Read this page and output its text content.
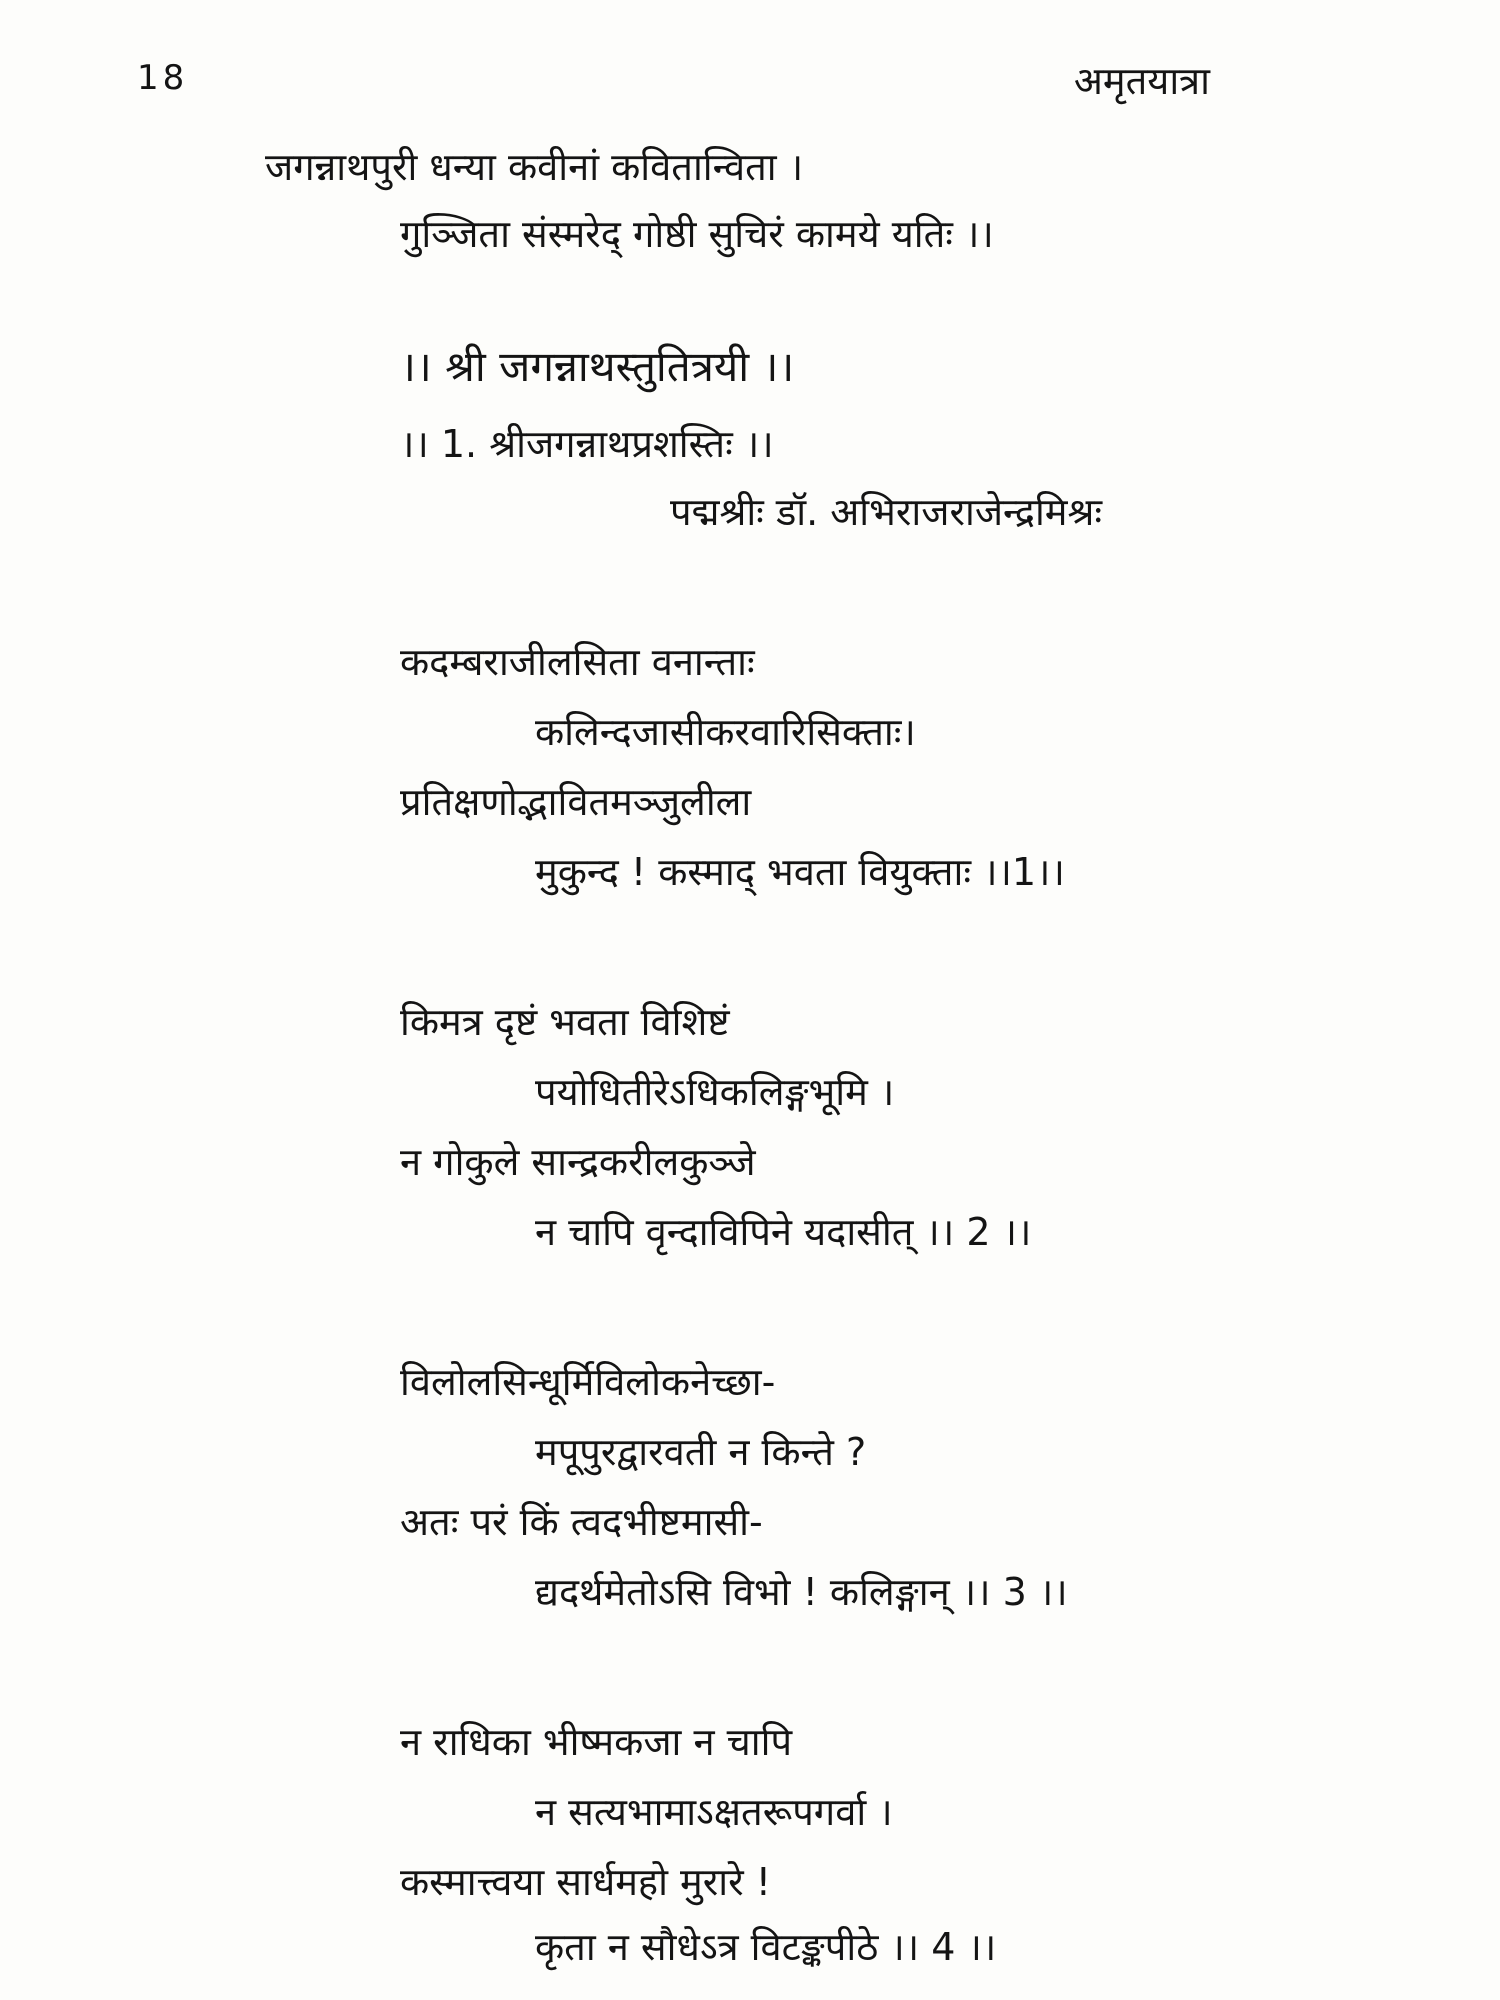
18	अमृतयात्रा
जगन्नाथपुरी धन्या कवीनां कवितान्विता ।
गुञ्जिता संस्मरेद् गोष्ठी सुचिरं कामये यतिः ।।
।। श्री जगन्नाथस्तुतित्रयी ।।
।। 1. श्रीजगन्नाथप्रशस्तिः ।।
पद्मश्रीः डॉ. अभिराजराजेन्द्रमिश्रः
कदम्बराजीलसिता वनान्ताः
कलिन्दजासीकरवारिसिक्ताः।
प्रतिक्षणोद्भावितमञ्जुलीला
मुकुन्द ! कस्माद् भवता वियुक्ताः ।।1।।
किमत्र दृष्टं भवता विशिष्टं
पयोधितीरेऽधिकलिङ्गभूमि ।
न गोकुले सान्द्रकरीलकुञ्जे
न चापि वृन्दाविपिने यदासीत् ।। 2 ।।
विलोलसिन्धूर्मिविलोकनेच्छा-
मपूपुरद्वारवती न किन्ते ?
अतः परं किं त्वदभीष्टमासी-
द्यदर्थमेतोऽसि विभो ! कलिङ्गान् ।। 3 ।।
न राधिका भीष्मकजा न चापि
न सत्यभामाऽक्षतरूपगर्वा ।
कस्मात्त्वया सार्धमहो मुरारे !
कृता न सौधेऽत्र विटङ्कपीठे ।। 4 ।।
